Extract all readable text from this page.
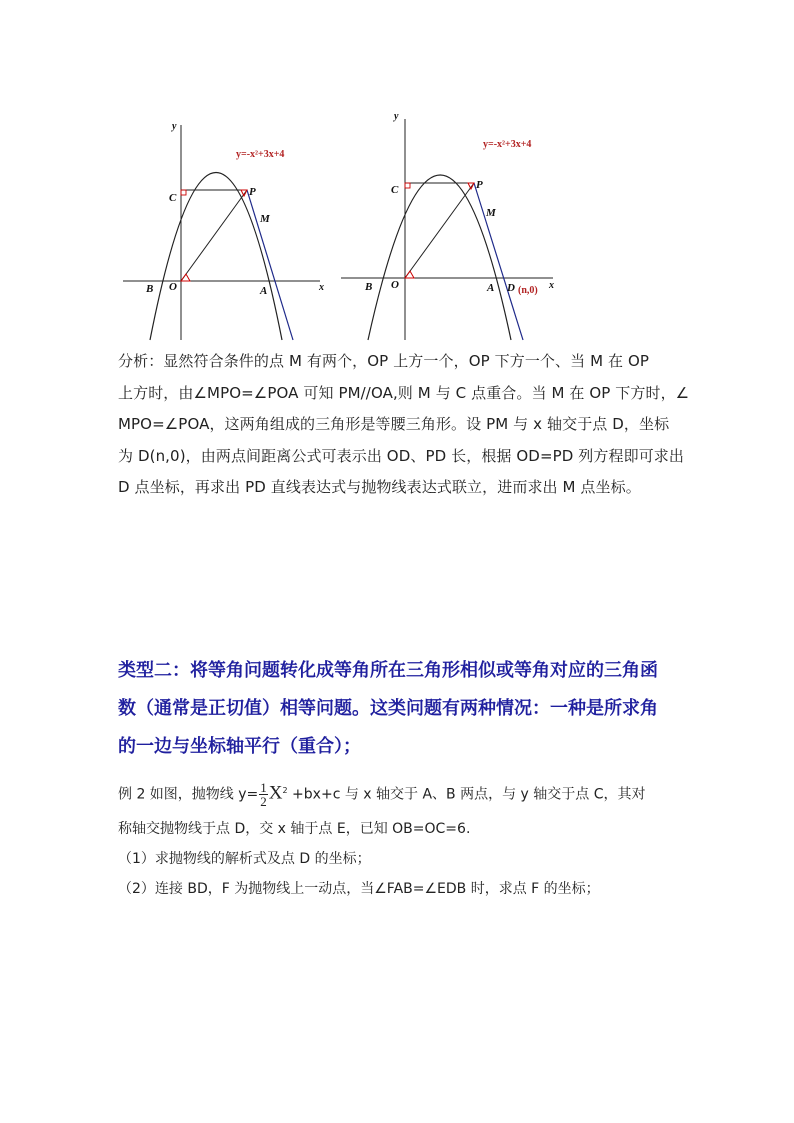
y
x
C	P
M
O
B	A
y=-x²+3x+4
y
x
C	P
M
O
B	A D (n,0)
y=-x²+3x+4

分析：显然符合条件的点 M 有两个，OP 上方一个，OP 下方一个、当 M 在 OP

上方时，由∠MPO=∠POA 可知 PM//OA,则 M 与 C 点重合。当 M 在 OP 下方时，∠

MPO=∠POA，这两角组成的三角形是等腰三角形。设 PM 与 x 轴交于点 D，坐标

为 D(n,0)，由两点间距离公式可表示出 OD、PD 长，根据 OD=PD 列方程即可求出

D 点坐标，再求出 PD 直线表达式与抛物线表达式联立，进而求出 M 点坐标。

类型二：将等角问题转化成等角所在三角形相似或等角对应的三角函

数（通常是正切值）相等问题。这类问题有两种情况：一种是所求角

的一边与坐标轴平行（重合）；

例 2 如图，抛物线 $y= \frac{1}{2} X^2 +bx+c$ 与 x 轴交于 A、B 两点，与 y 轴交于点 C，其对

称轴交抛物线于点 D，交 x 轴于点 E，已知 OB=OC=6.

（1）求抛物线的解析式及点 D 的坐标；

（2）连接 BD，F 为抛物线上一动点，当∠FAB=∠EDB 时，求点 F 的坐标；
